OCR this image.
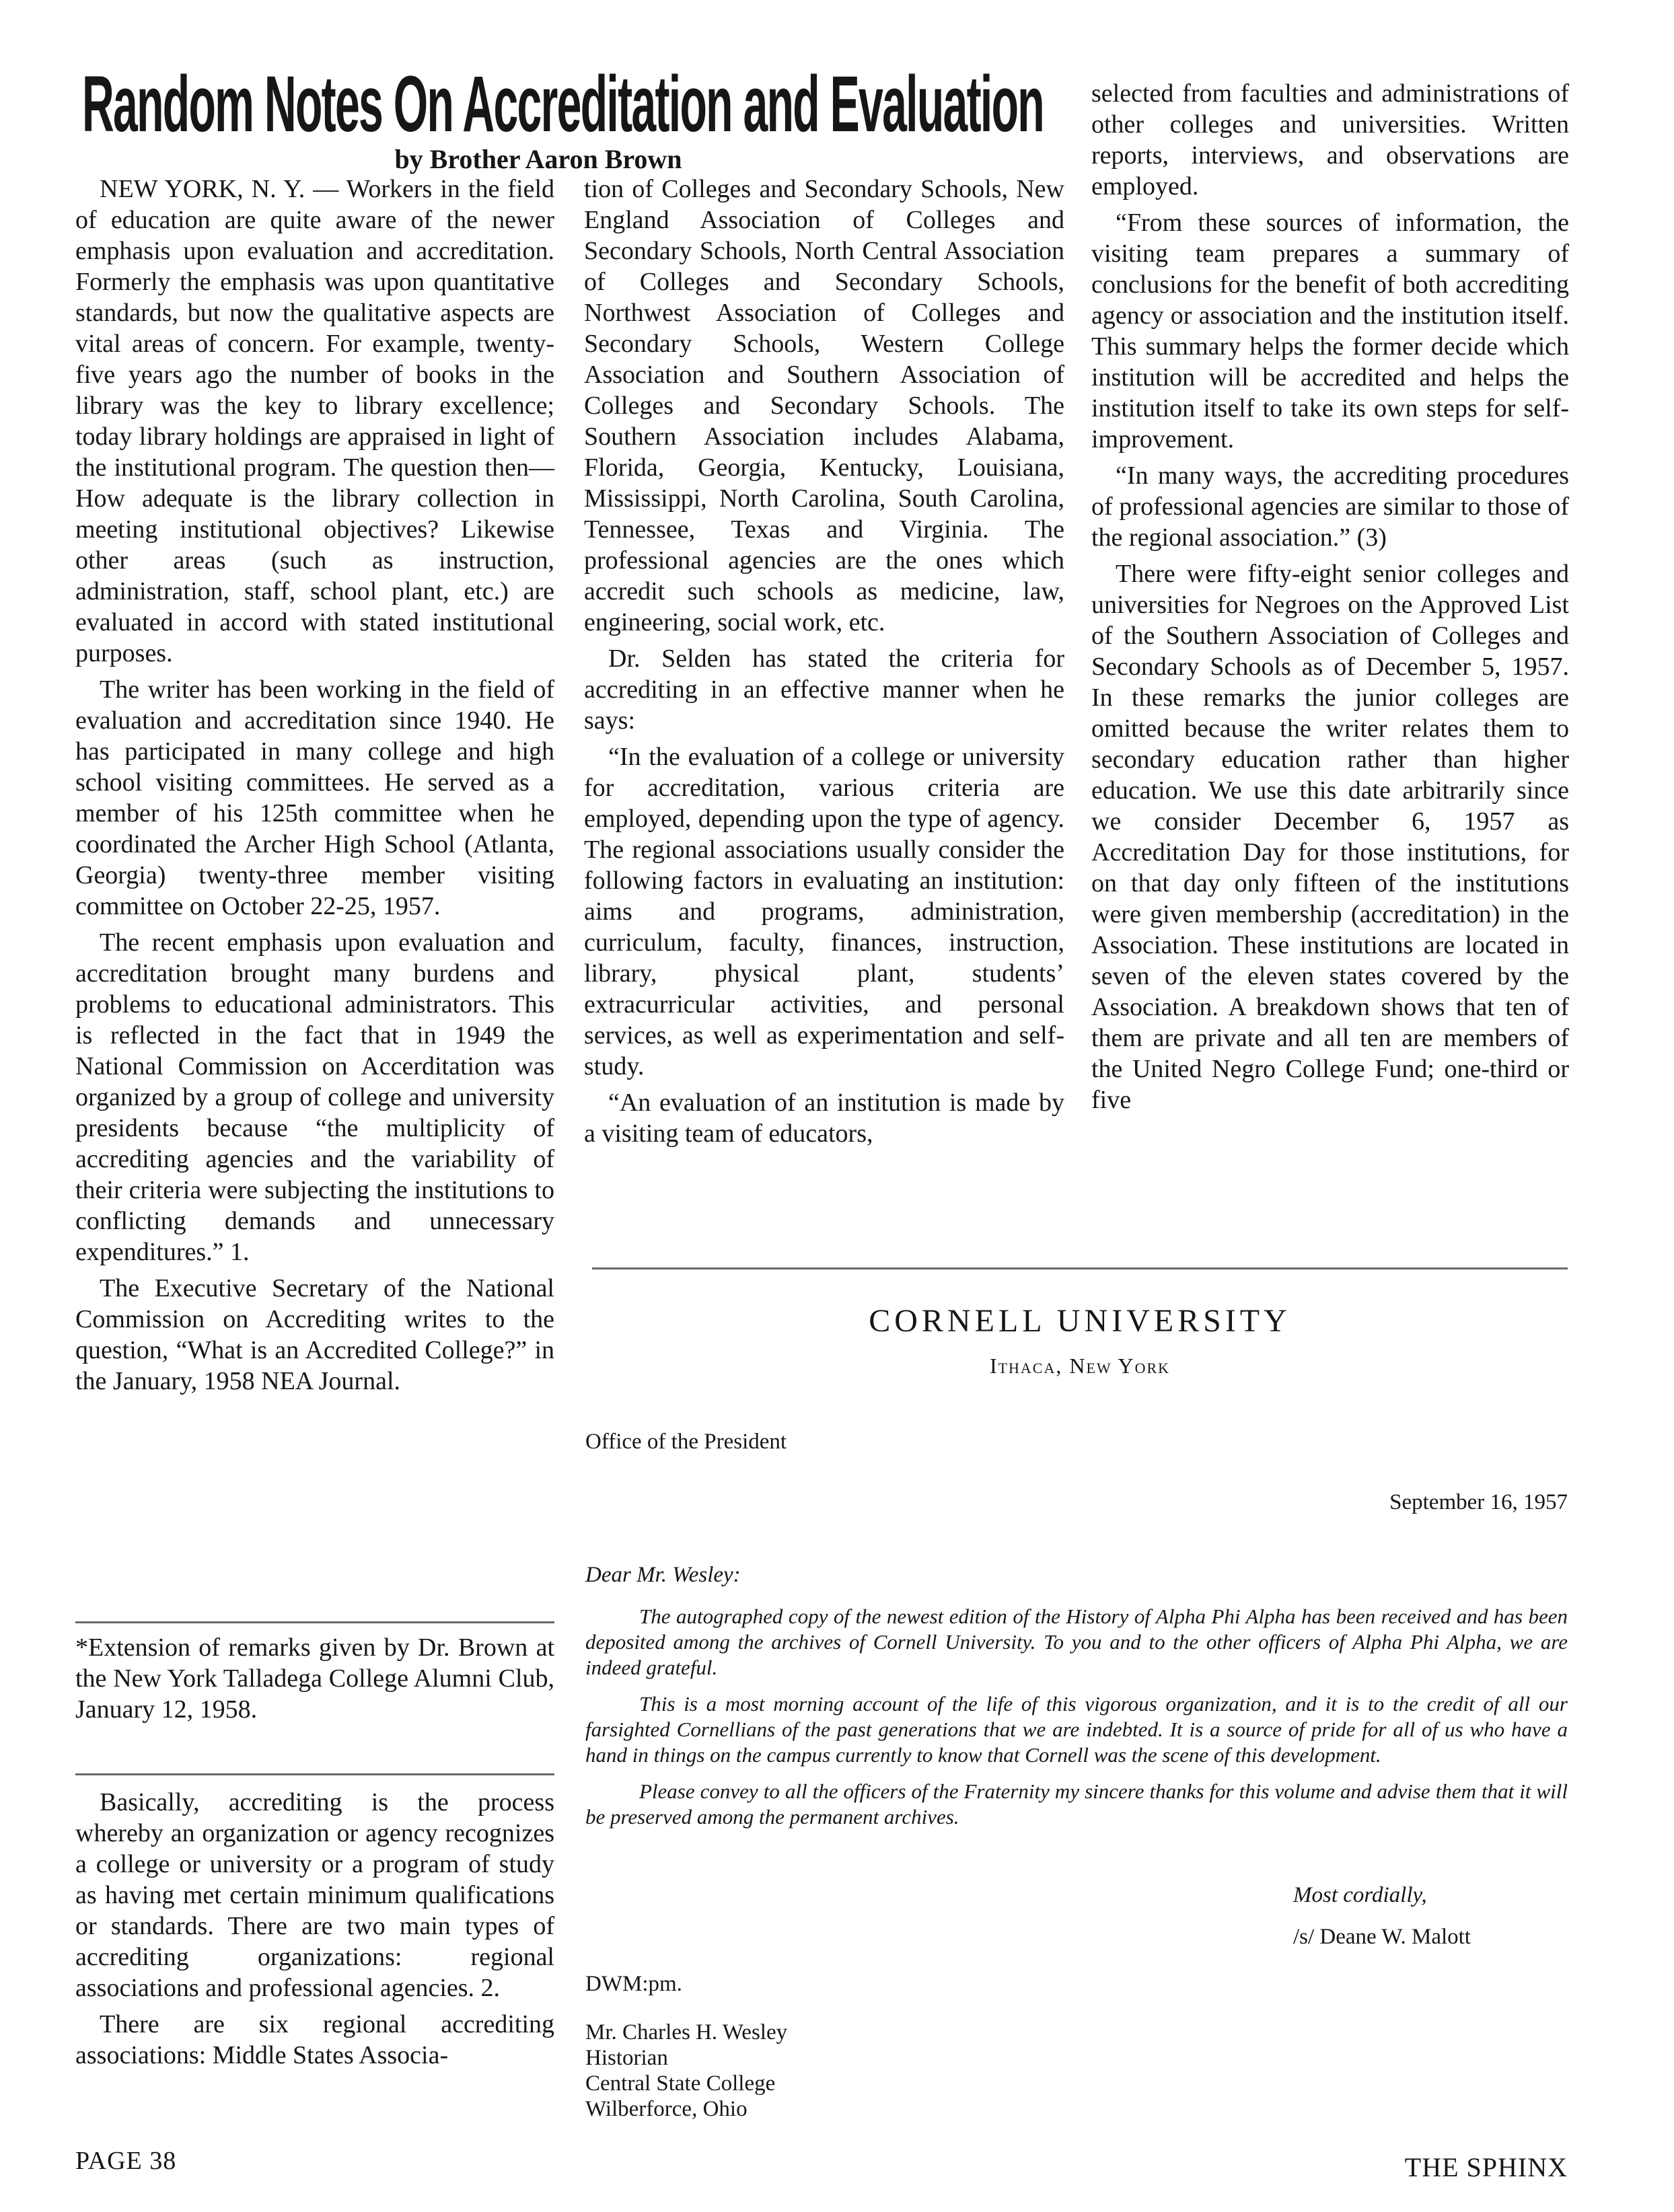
Random Notes On Accreditation and Evaluation
by Brother Aaron Brown

NEW YORK, N. Y. — Workers in the field of education are quite aware of the newer emphasis upon evaluation and accreditation. Formerly the emphasis was upon quantitative standards, but now the qualitative aspects are vital areas of concern. For example, twenty-five years ago the number of books in the library was the key to library excellence; today library holdings are appraised in light of the institutional program. The question then—How adequate is the library collection in meeting institutional objectives? Likewise other areas (such as instruction, administration, staff, school plant, etc.) are evaluated in accord with stated institutional purposes.

The writer has been working in the field of evaluation and accreditation since 1940. He has participated in many college and high school visiting committees. He served as a member of his 125th committee when he coordinated the Archer High School (Atlanta, Georgia) twenty-three member visiting committee on October 22-25, 1957.

The recent emphasis upon evaluation and accreditation brought many burdens and problems to educational administrators. This is reflected in the fact that in 1949 the National Commission on Accerditation was organized by a group of college and university presidents because “the multiplicity of accrediting agencies and the variability of their criteria were subjecting the institutions to conflicting demands and unnecessary expenditures.” 1.

The Executive Secretary of the National Commission on Accrediting writes to the question, “What is an Accredited College?” in the January, 1958 NEA Journal.

*Extension of remarks given by Dr. Brown at the New York Talladega College Alumni Club, January 12, 1958.

Basically, accrediting is the process whereby an organization or agency recognizes a college or university or a program of study as having met certain minimum qualifications or standards. There are two main types of accrediting organizations: regional associations and professional agencies. 2.

There are six regional accrediting associations: Middle States Associa-

tion of Colleges and Secondary Schools, New England Association of Colleges and Secondary Schools, North Central Association of Colleges and Secondary Schools, Northwest Association of Colleges and Secondary Schools, Western College Association and Southern Association of Colleges and Secondary Schools. The Southern Association includes Alabama, Florida, Georgia, Kentucky, Louisiana, Mississippi, North Carolina, South Carolina, Tennessee, Texas and Virginia. The professional agencies are the ones which accredit such schools as medicine, law, engineering, social work, etc.

Dr. Selden has stated the criteria for accrediting in an effective manner when he says:

“In the evaluation of a college or university for accreditation, various criteria are employed, depending upon the type of agency. The regional associations usually consider the following factors in evaluating an institution: aims and programs, administration, curriculum, faculty, finances, instruction, library, physical plant, students’ extracurricular activities, and personal services, as well as experimentation and self-study.

“An evaluation of an institution is made by a visiting team of educators,

selected from faculties and administrations of other colleges and universities. Written reports, interviews, and observations are employed.

“From these sources of information, the visiting team prepares a summary of conclusions for the benefit of both accrediting agency or association and the institution itself. This summary helps the former decide which institution will be accredited and helps the institution itself to take its own steps for self-improvement.

“In many ways, the accrediting procedures of professional agencies are similar to those of the regional association.” (3)

There were fifty-eight senior colleges and universities for Negroes on the Approved List of the Southern Association of Colleges and Secondary Schools as of December 5, 1957. In these remarks the junior colleges are omitted because the writer relates them to secondary education rather than higher education. We use this date arbitrarily since we consider December 6, 1957 as Accreditation Day for those institutions, for on that day only fifteen of the institutions were given membership (accreditation) in the Association. These institutions are located in seven of the eleven states covered by the Association. A breakdown shows that ten of them are private and all ten are members of the United Negro College Fund; one-third or five

CORNELL UNIVERSITY
Ithaca, New York
Office of the President
September 16, 1957
Dear Mr. Wesley:

The autographed copy of the newest edition of the History of Alpha Phi Alpha has been received and has been deposited among the archives of Cornell University. To you and to the other officers of Alpha Phi Alpha, we are indeed grateful.

This is a most morning account of the life of this vigorous organization, and it is to the credit of all our farsighted Cornellians of the past generations that we are indebted. It is a source of pride for all of us who have a hand in things on the campus currently to know that Cornell was the scene of this development.

Please convey to all the officers of the Fraternity my sincere thanks for this volume and advise them that it will be preserved among the permanent archives.

Most cordially,
/s/ Deane W. Malott
DWM:pm.

Mr. Charles H. Wesley

Historian

Central State College

Wilberforce, Ohio

PAGE 38	THE SPHINX
